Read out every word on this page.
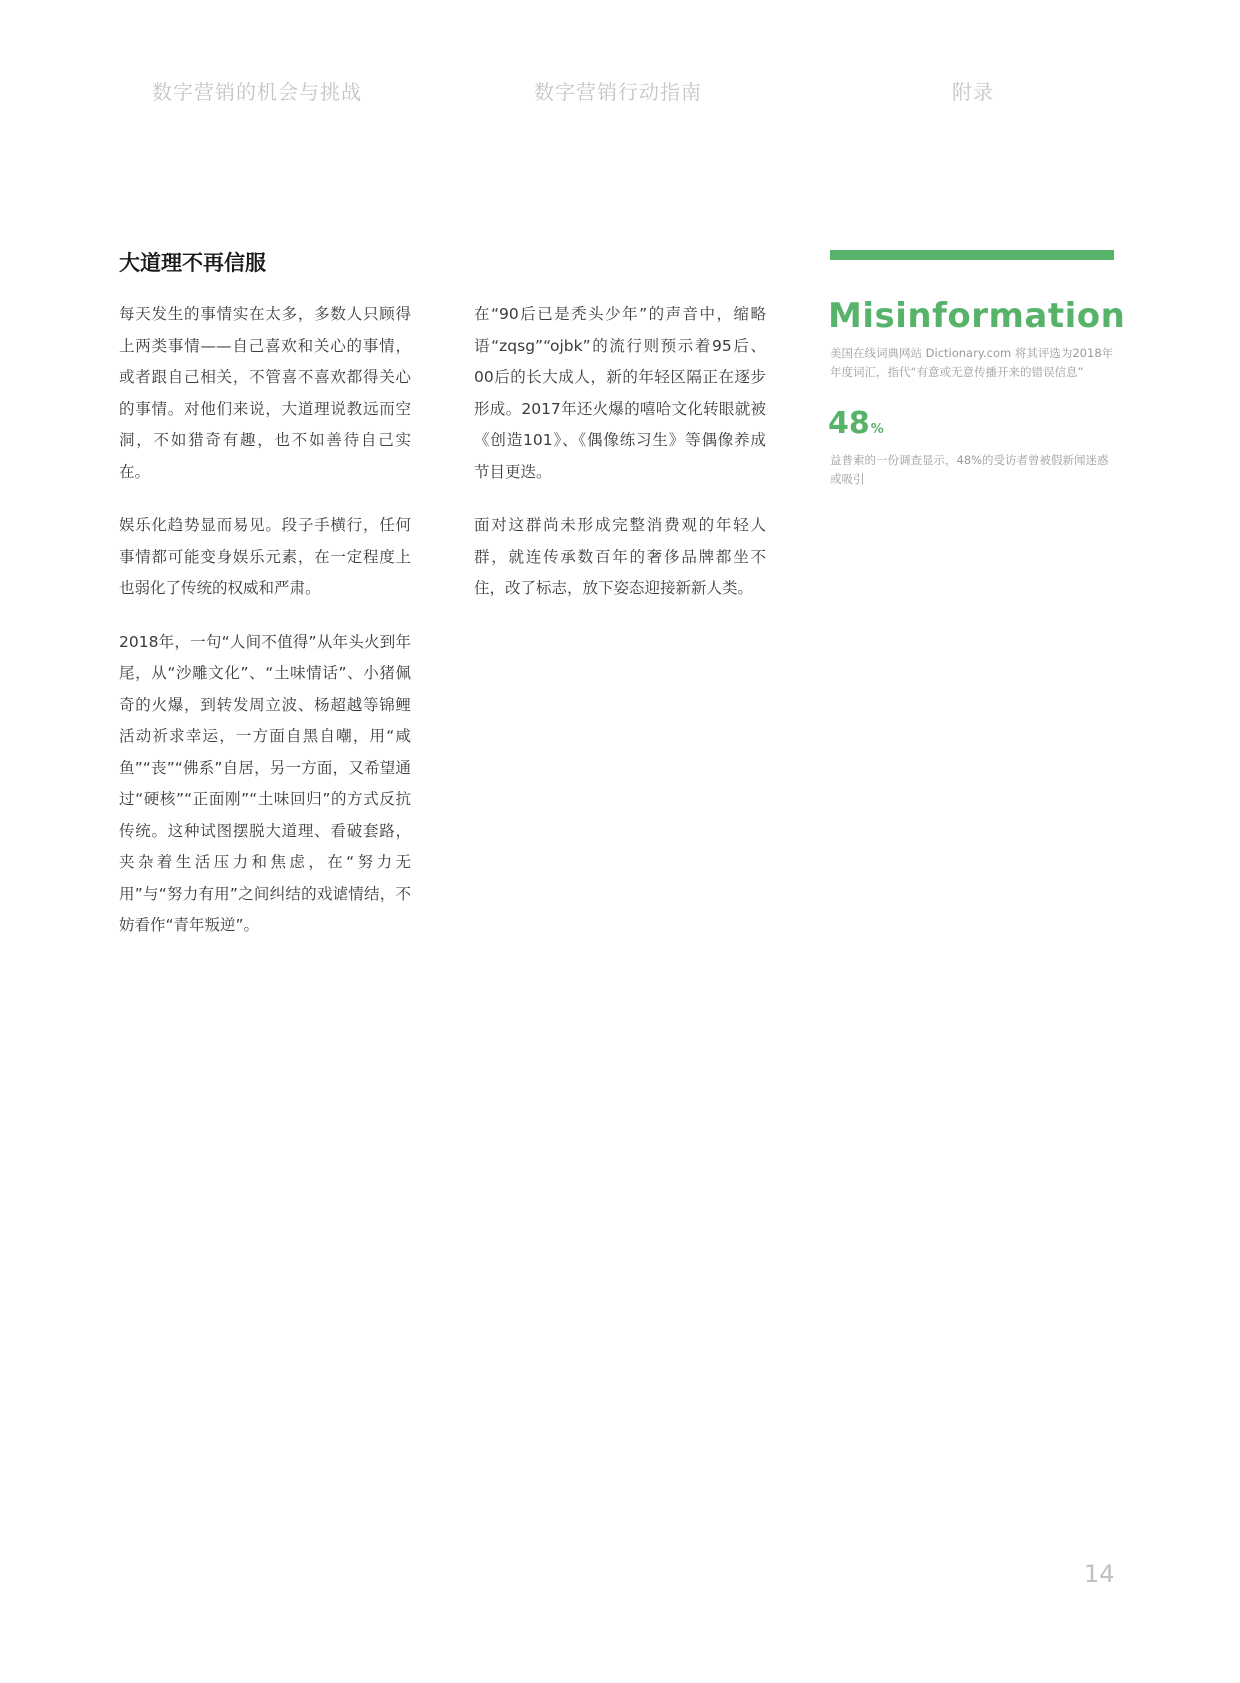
数字营销的机会与挑战	数字营销行动指南	附录
大道理不再信服

每天发生的事情实在太多，多数人只顾得上两类事情——自己喜欢和关心的事情，或者跟自己相关，不管喜不喜欢都得关心的事情。对他们来说，大道理说教远而空洞，不如猎奇有趣，也不如善待自己实在。

娱乐化趋势显而易见。段子手横行，任何事情都可能变身娱乐元素，在一定程度上也弱化了传统的权威和严肃。

2018年，一句“人间不值得”从年头火到年尾，从“沙雕文化”、“土味情话”、小猪佩奇的火爆，到转发周立波、杨超越等锦鲤活动祈求幸运，一方面自黑自嘲，用“咸鱼”“丧”“佛系”自居，另一方面，又希望通过“硬核”“正面刚”“土味回归”的方式反抗传统。这种试图摆脱大道理、看破套路，夹杂着生活压力和焦虑，在“努力无用”与“努力有用”之间纠结的戏谑情结，不妨看作“青年叛逆”。

在“90后已是秃头少年”的声音中，缩略语“zqsg”“ojbk”的流行则预示着95后、00后的长大成人，新的年轻区隔正在逐步形成。2017年还火爆的嘻哈文化转眼就被《创造101》、《偶像练习生》等偶像养成节目更迭。

面对这群尚未形成完整消费观的年轻人群，就连传承数百年的奢侈品牌都坐不住，改了标志，放下姿态迎接新新人类。

Misinformation
美国在线词典网站 Dictionary.com 将其评选为2018年年度词汇，指代“有意或无意传播开来的错误信息”
48%
益普索的一份调查显示，48%的受访者曾被假新闻迷惑或吸引
14
